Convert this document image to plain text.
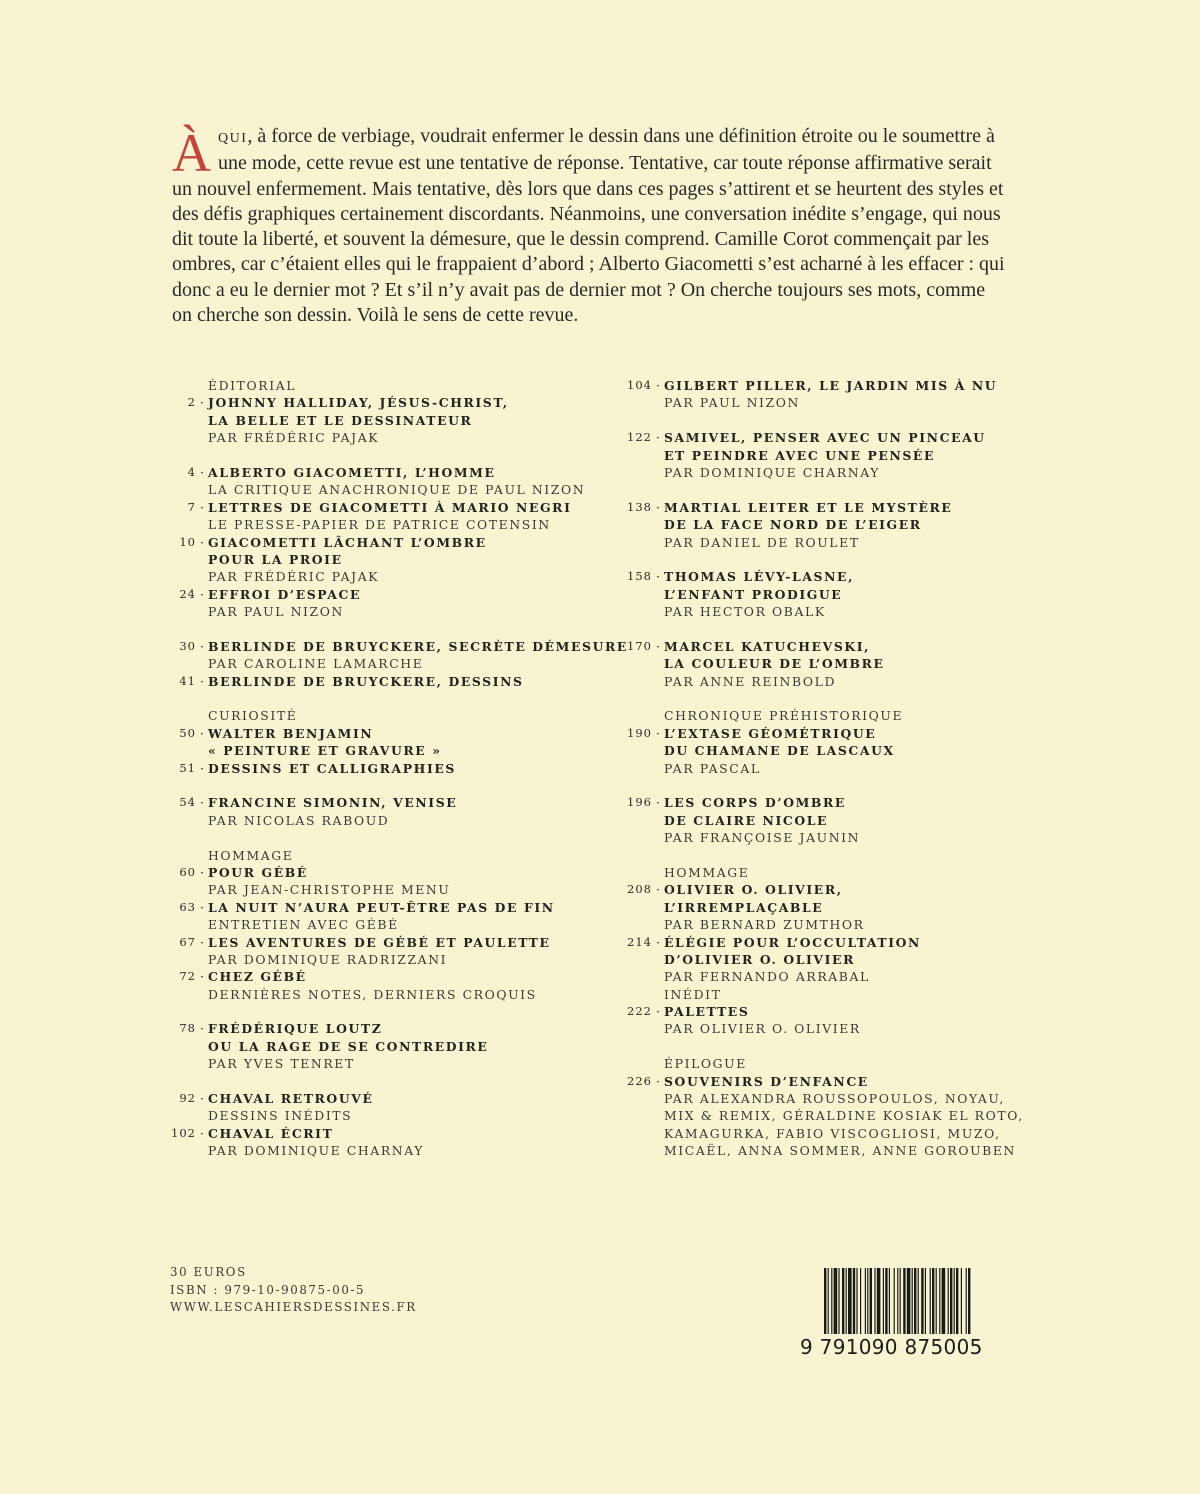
ÀQUI, à force de verbiage, voudrait enfermer le dessin dans une définition étroite ou le soumettre à une mode, cette revue est une tentative de réponse. Tentative, car toute réponse affirmative serait un nouvel enfermement. Mais tentative, dès lors que dans ces pages s’attirent et se heurtent des styles et des défis graphiques certainement discordants. Néanmoins, une conversation inédite s’engage, qui nous dit toute la liberté, et souvent la démesure, que le dessin comprend. Camille Corot commençait par les ombres, car c’étaient elles qui le frappaient d’abord ; Alberto Giacometti s’est acharné à les effacer : qui donc a eu le dernier mot ? Et s’il n’y avait pas de dernier mot ? On cherche toujours ses mots, comme on cherche son dessin. Voilà le sens de cette revue.
ÉDITORIAL
2 · JOHNNY HALLIDAY, JÉSUS-CHRIST,
LA BELLE ET LE DESSINATEUR
PAR FRÉDÉRIC PAJAK
4 · ALBERTO GIACOMETTI, L’HOMME
LA CRITIQUE ANACHRONIQUE DE PAUL NIZON
7 · LETTRES DE GIACOMETTI À MARIO NEGRI
LE PRESSE-PAPIER DE PATRICE COTENSIN
10 · GIACOMETTI LÂCHANT L’OMBRE
POUR LA PROIE
PAR FRÉDÉRIC PAJAK
24 · EFFROI D’ESPACE
PAR PAUL NIZON
30 · BERLINDE DE BRUYCKERE, SECRÈTE DÉMESURE
PAR CAROLINE LAMARCHE
41 · BERLINDE DE BRUYCKERE, DESSINS
CURIOSITÉ
50 · WALTER BENJAMIN
« PEINTURE ET GRAVURE »
51 · DESSINS ET CALLIGRAPHIES
54 · FRANCINE SIMONIN, VENISE
PAR NICOLAS RABOUD
HOMMAGE
60 · POUR GÉBÉ
PAR JEAN-CHRISTOPHE MENU
63 · LA NUIT N’AURA PEUT-ÊTRE PAS DE FIN
ENTRETIEN AVEC GÉBÉ
67 · LES AVENTURES DE GÉBÉ ET PAULETTE
PAR DOMINIQUE RADRIZZANI
72 · CHEZ GÉBÉ
DERNIÈRES NOTES, DERNIERS CROQUIS
78 · FRÉDÉRIQUE LOUTZ
OU LA RAGE DE SE CONTREDIRE
PAR YVES TENRET
92 · CHAVAL RETROUVÉ
DESSINS INÉDITS
102 · CHAVAL ÉCRIT
PAR DOMINIQUE CHARNAY
104 · GILBERT PILLER, LE JARDIN MIS À NU
PAR PAUL NIZON
122 · SAMIVEL, PENSER AVEC UN PINCEAU
ET PEINDRE AVEC UNE PENSÉE
PAR DOMINIQUE CHARNAY
138 · MARTIAL LEITER ET LE MYSTÈRE
DE LA FACE NORD DE L’EIGER
PAR DANIEL DE ROULET
158 · THOMAS LÉVY-LASNE,
L’ENFANT PRODIGUE
PAR HECTOR OBALK
170 · MARCEL KATUCHEVSKI,
LA COULEUR DE L’OMBRE
PAR ANNE REINBOLD
CHRONIQUE PRÉHISTORIQUE
190 · L’EXTASE GÉOMÉTRIQUE
DU CHAMANE DE LASCAUX
PAR PASCAL
196 · LES CORPS D’OMBRE
DE CLAIRE NICOLE
PAR FRANÇOISE JAUNIN
HOMMAGE
208 · OLIVIER O. OLIVIER,
L’IRREMPLAÇABLE
PAR BERNARD ZUMTHOR
214 · ÉLÉGIE POUR L’OCCULTATION
D’OLIVIER O. OLIVIER
PAR FERNANDO ARRABAL
INÉDIT
222 · PALETTES
PAR OLIVIER O. OLIVIER
ÉPILOGUE
226 · SOUVENIRS D’ENFANCE
PAR ALEXANDRA ROUSSOPOULOS, NOYAU,
MIX & REMIX, GÉRALDINE KOSIAK EL ROTO,
KAMAGURKA, FABIO VISCOGLIOSI, MUZO,
MICAËL, ANNA SOMMER, ANNE GOROUBEN
30 EUROS
ISBN : 979-10-90875-00-5
WWW.LESCAHIERSDESSINES.FR
9 791090 875005
